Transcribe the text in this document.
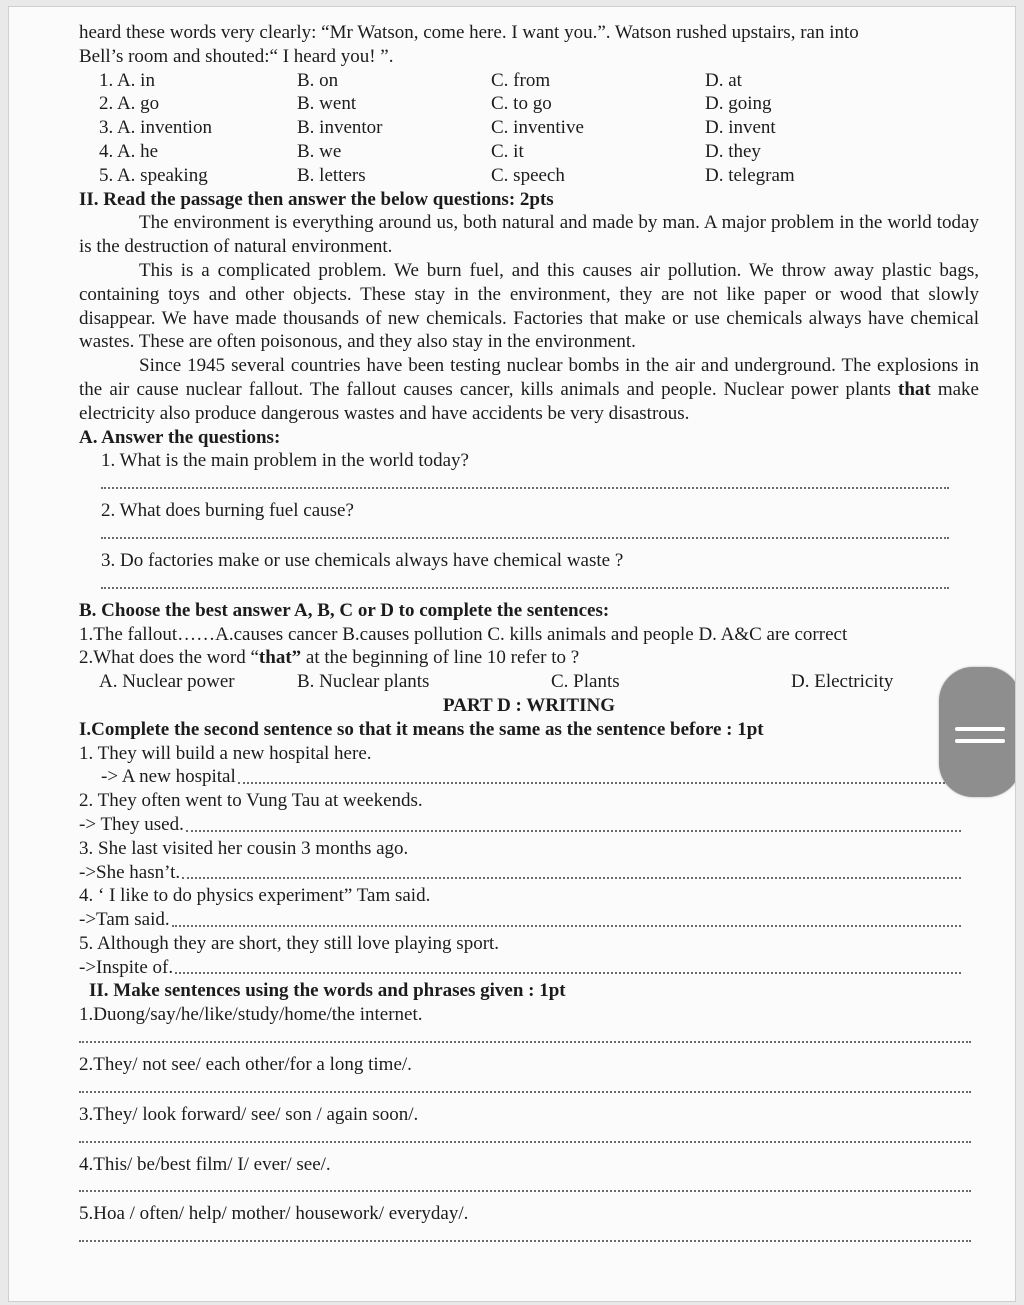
heard these words very clearly: “Mr Watson, come here. I want you.”. Watson rushed upstairs, ran into

Bell’s room and shouted:“ I heard you! ”.

1. A. in	B. on	C. from	D. at
2. A. go	B. went	C. to go	D. going
3. A. invention	B. inventor	C. inventive	D. invent
4. A. he	B. we	C. it	D. they
5. A. speaking	B. letters	C. speech	D. telegram

II. Read the passage then answer the below questions: 2pts

The environment is everything around us, both natural and made by man. A major problem in the world today is the destruction of natural environment.

This is a complicated problem. We burn fuel, and this causes air pollution. We throw away plastic bags, containing toys and other objects. These stay in the environment, they are not like paper or wood that slowly disappear. We have made thousands of new chemicals. Factories that make or use chemicals always have chemical wastes. These are often poisonous, and they also stay in the environment.

Since 1945 several countries have been testing nuclear bombs in the air and underground. The explosions in the air cause nuclear fallout. The fallout causes cancer, kills animals and people. Nuclear power plants that make electricity also produce dangerous wastes and have accidents be very disastrous.

A. Answer the questions:

1. What is the main problem in the world today?

2. What does burning fuel cause?

3. Do factories make or use chemicals always have chemical waste ?

B. Choose the best answer A, B, C or D to complete the sentences:

1.The fallout……A.causes cancer B.causes pollution C. kills animals and people D. A&C are correct

2.What does the word “that” at the beginning of line 10 refer to ?

A. Nuclear power	B. Nuclear plants	C. Plants	D. Electricity

PART D : WRITING

I.Complete the second sentence so that it means the same as the sentence before : 1pt

1. They will build a new hospital here.

-> A new hospital

2. They often went to Vung Tau at weekends.

-> They used.

3. She last visited her cousin 3 months ago.

->She hasn’t.

4. ‘ I like to do physics experiment” Tam said.

->Tam said.

5. Although they are short, they still love playing sport.

->Inspite of.

II. Make sentences using the words and phrases given : 1pt

1.Duong/say/he/like/study/home/the internet.

2.They/ not see/ each other/for a long time/.

3.They/ look forward/ see/ son / again soon/.

4.This/ be/best film/ I/ ever/ see/.

5.Hoa / often/ help/ mother/ housework/ everyday/.
